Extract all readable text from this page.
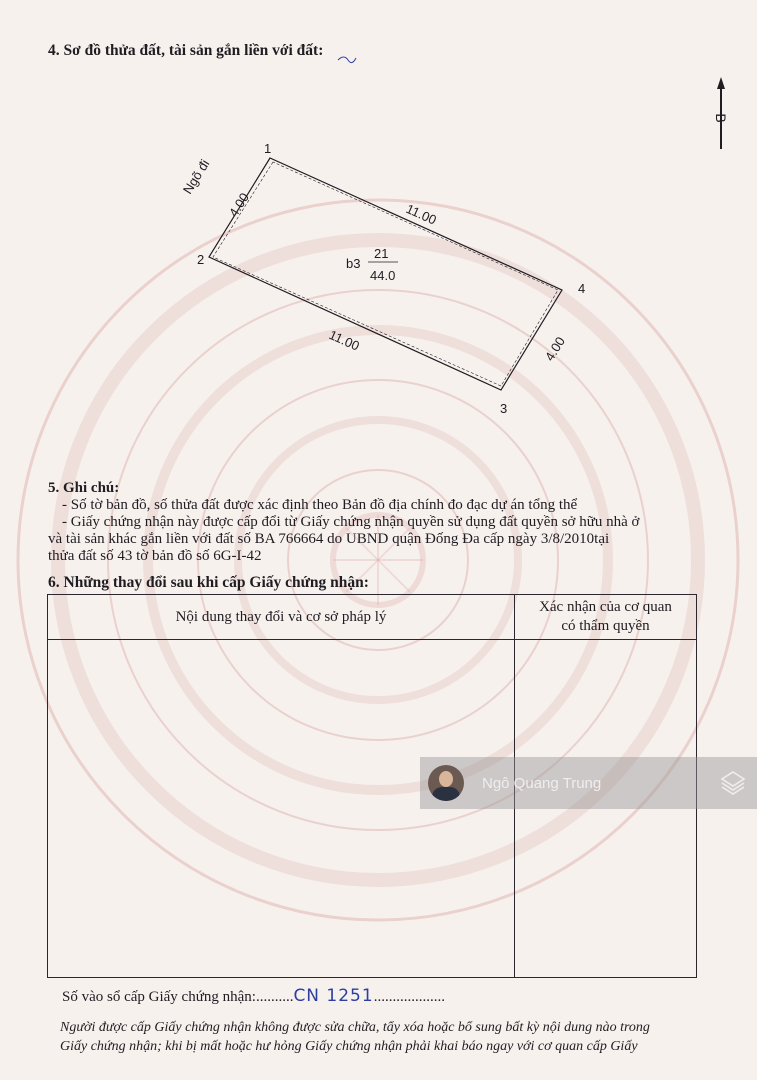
4. Sơ đồ thửa đất, tài sản gắn liền với đất:
B
Ngõ đi
1
2
3
4
4.00	11.00
11.00	4.00
b3
21
44.0
5. Ghi chú:
- Số tờ bản đồ, số thửa đất được xác định theo Bản đồ địa chính đo đạc dự án tổng thể
- Giấy chứng nhận này được cấp đổi từ Giấy chứng nhận quyền sử dụng đất quyền sở hữu nhà ở
và tài sản khác gắn liền với đất số BA 766664 do UBND quận Đống Đa cấp ngày 3/8/2010tại
thửa đất số 43 tờ bản đồ số 6G-I-42
6. Những thay đổi sau khi cấp Giấy chứng nhận:
Nội dung thay đổi và cơ sở pháp lý	Xác nhận của cơ quan
có thẩm quyền

Số vào sổ cấp Giấy chứng nhận:..........CN 1251...................
Người được cấp Giấy chứng nhận không được sửa chữa, tẩy xóa hoặc bổ sung bất kỳ nội dung nào trong
Giấy chứng nhận; khi bị mất hoặc hư hỏng Giấy chứng nhận phải khai báo ngay với cơ quan cấp Giấy
Ngô Quang Trung
